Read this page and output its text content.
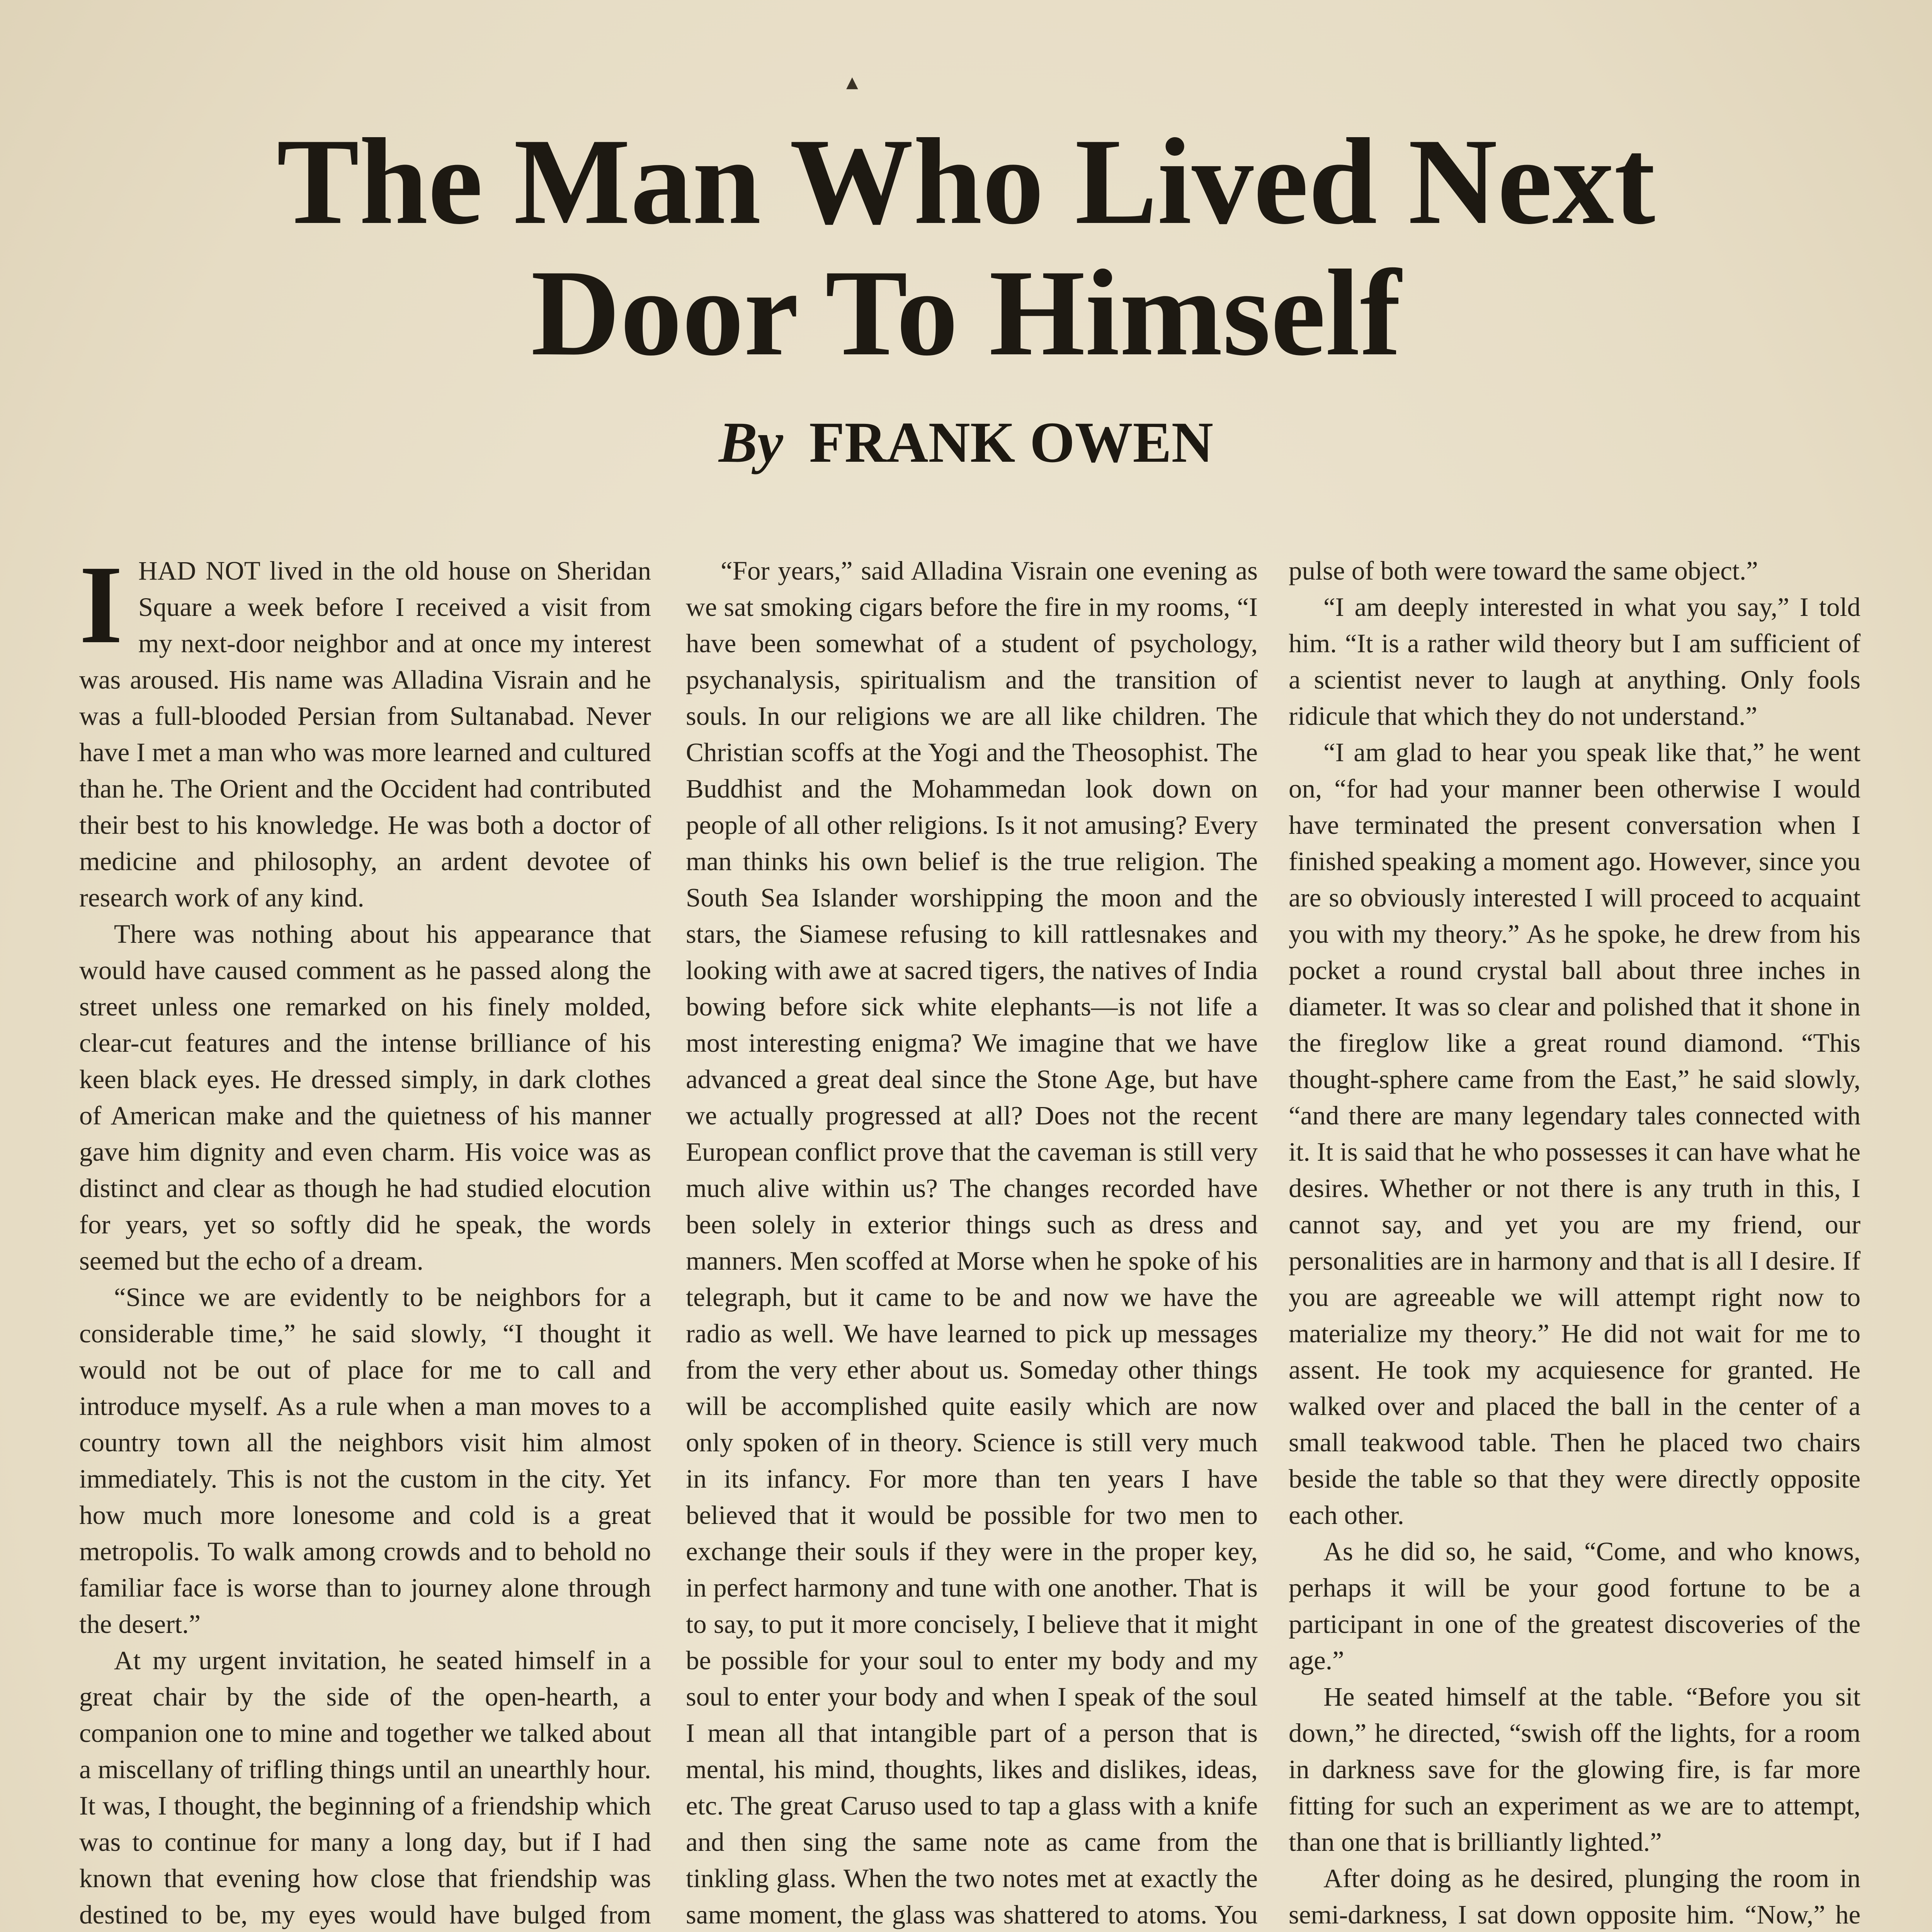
▲
The Man Who Lived Next
Door To Himself
By FRANK OWEN

IHAD NOT lived in the old house on Sheridan Square a week before I received a visit from my next-door neighbor and at once my interest was aroused. His name was Alladina Visrain and he was a full-blooded Persian from Sultanabad. Never have I met a man who was more learned and cultured than he. The Orient and the Occident had contributed their best to his knowledge. He was both a doctor of medicine and philosophy, an ardent devotee of research work of any kind.

There was nothing about his appearance that would have caused comment as he passed along the street unless one remarked on his finely molded, clear-cut features and the intense brilliance of his keen black eyes. He dressed simply, in dark clothes of American make and the quietness of his manner gave him dignity and even charm. His voice was as distinct and clear as though he had studied elocution for years, yet so softly did he speak, the words seemed but the echo of a dream.

“Since we are evidently to be neighbors for a considerable time,” he said slowly, “I thought it would not be out of place for me to call and introduce myself. As a rule when a man moves to a country town all the neighbors visit him almost immediately. This is not the custom in the city. Yet how much more lonesome and cold is a great metropolis. To walk among crowds and to behold no familiar face is worse than to journey alone through the desert.”

At my urgent invitation, he seated himself in a great chair by the side of the open-hearth, a companion one to mine and together we talked about a miscellany of trifling things until an unearthly hour. It was, I thought, the beginning of a friendship which was to continue for many a long day, but if I had known that evening how close that friendship was destined to be, my eyes would have bulged from

“For years,” said Alladina Visrain one evening as we sat smoking cigars before the fire in my rooms, “I have been somewhat of a student of psychology, psychanalysis, spiritualism and the transition of souls. In our religions we are all like children. The Christian scoffs at the Yogi and the Theosophist. The Buddhist and the Mohammedan look down on people of all other religions. Is it not amusing? Every man thinks his own belief is the true religion. The South Sea Islander worshipping the moon and the stars, the Siamese refusing to kill rattlesnakes and looking with awe at sacred tigers, the natives of India bowing before sick white elephants—is not life a most interesting enigma? We imagine that we have advanced a great deal since the Stone Age, but have we actually progressed at all? Does not the recent European conflict prove that the caveman is still very much alive within us? The changes recorded have been solely in exterior things such as dress and manners. Men scoffed at Morse when he spoke of his telegraph, but it came to be and now we have the radio as well. We have learned to pick up messages from the very ether about us. Someday other things will be accomplished quite easily which are now only spoken of in theory. Science is still very much in its infancy. For more than ten years I have believed that it would be possible for two men to exchange their souls if they were in the proper key, in perfect harmony and tune with one another. That is to say, to put it more concisely, I believe that it might be possible for your soul to enter my body and my soul to enter your body and when I speak of the soul I mean all that intangible part of a person that is mental, his mind, thoughts, likes and dislikes, ideas, etc. The great Caruso used to tap a glass with a knife and then sing the same note as came from the tinkling glass. When the two notes met at exactly the same moment, the glass was shattered to atoms. You

pulse of both were toward the same object.”

“I am deeply interested in what you say,” I told him. “It is a rather wild theory but I am sufficient of a scientist never to laugh at anything. Only fools ridicule that which they do not understand.”

“I am glad to hear you speak like that,” he went on, “for had your manner been otherwise I would have terminated the present conversation when I finished speaking a moment ago. However, since you are so obviously interested I will proceed to acquaint you with my theory.” As he spoke, he drew from his pocket a round crystal ball about three inches in diameter. It was so clear and polished that it shone in the fireglow like a great round diamond. “This thought-sphere came from the East,” he said slowly, “and there are many legendary tales connected with it. It is said that he who possesses it can have what he desires. Whether or not there is any truth in this, I cannot say, and yet you are my friend, our personalities are in harmony and that is all I desire. If you are agreeable we will attempt right now to materialize my theory.” He did not wait for me to assent. He took my acquiesence for granted. He walked over and placed the ball in the center of a small teakwood table. Then he placed two chairs beside the table so that they were directly opposite each other.

As he did so, he said, “Come, and who knows, perhaps it will be your good fortune to be a participant in one of the greatest discoveries of the age.”

He seated himself at the table. “Before you sit down,” he directed, “swish off the lights, for a room in darkness save for the glowing fire, is far more fitting for such an experiment as we are to attempt, than one that is brilliantly lighted.”

After doing as he desired, plunging the room in semi-darkness, I sat down opposite him. “Now,” he
